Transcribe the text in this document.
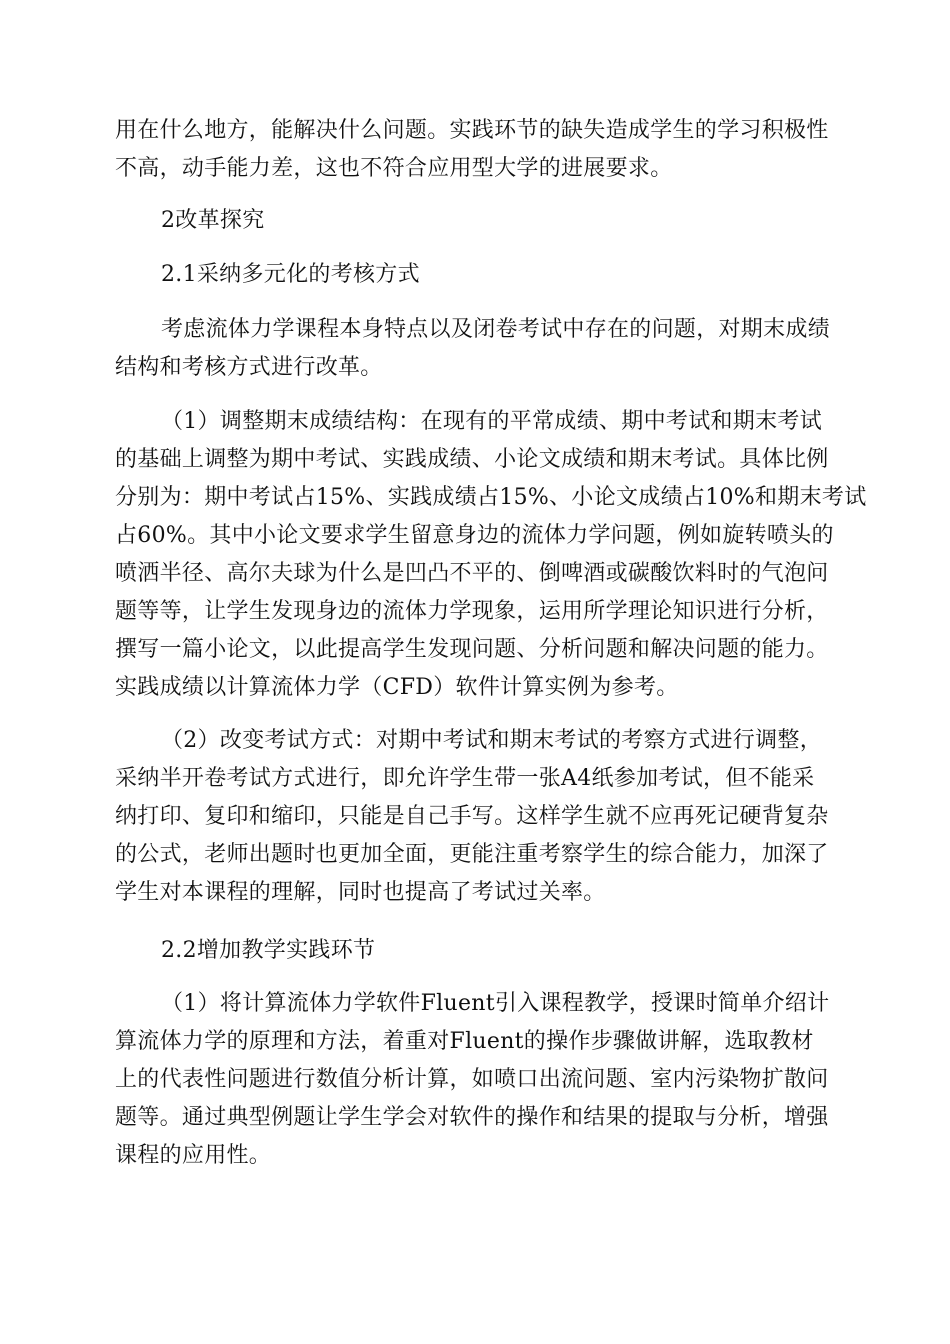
用在什么地方，能解决什么问题。实践环节的缺失造成学生的学习积极性
不高，动手能力差，这也不符合应用型大学的进展要求。
2改革探究
2.1采纳多元化的考核方式
考虑流体力学课程本身特点以及闭卷考试中存在的问题，对期末成绩
结构和考核方式进行改革。
（1）调整期末成绩结构：在现有的平常成绩、期中考试和期末考试
的基础上调整为期中考试、实践成绩、小论文成绩和期末考试。具体比例
分别为：期中考试占15%、实践成绩占15%、小论文成绩占10%和期末考试
占60%。其中小论文要求学生留意身边的流体力学问题，例如旋转喷头的
喷洒半径、高尔夫球为什么是凹凸不平的、倒啤酒或碳酸饮料时的气泡问
题等等，让学生发现身边的流体力学现象，运用所学理论知识进行分析，
撰写一篇小论文，以此提高学生发现问题、分析问题和解决问题的能力。
实践成绩以计算流体力学（CFD）软件计算实例为参考。
（2）改变考试方式：对期中考试和期末考试的考察方式进行调整，
采纳半开卷考试方式进行，即允许学生带一张A4纸参加考试，但不能采
纳打印、复印和缩印，只能是自己手写。这样学生就不应再死记硬背复杂
的公式，老师出题时也更加全面，更能注重考察学生的综合能力，加深了
学生对本课程的理解，同时也提高了考试过关率。
2.2增加教学实践环节
（1）将计算流体力学软件Fluent引入课程教学，授课时简单介绍计
算流体力学的原理和方法，着重对Fluent的操作步骤做讲解，选取教材
上的代表性问题进行数值分析计算，如喷口出流问题、室内污染物扩散问
题等。通过典型例题让学生学会对软件的操作和结果的提取与分析，增强
课程的应用性。
